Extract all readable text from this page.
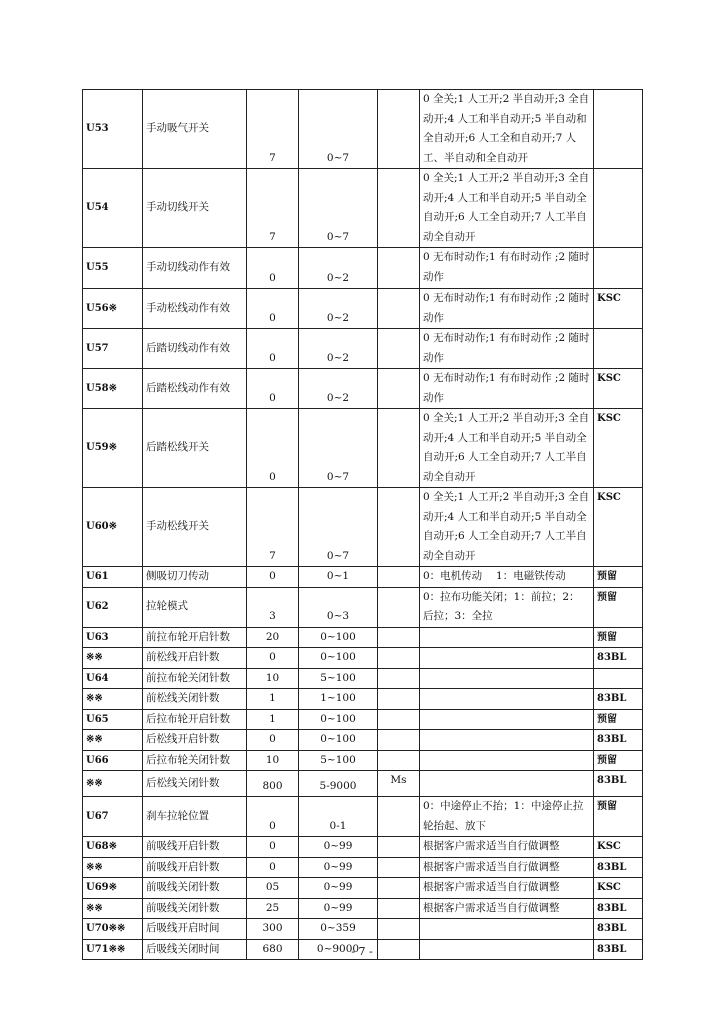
U53	手动吸气开关	7	0~7		0 全关;1 人工开;2 半自动开;3 全自动开;4 人工和半自动开;5 半自动和全自动开;6 人工全和自动开;7 人工、半自动和全自动开	
U54	手动切线开关	7	0~7		0 全关;1 人工开;2 半自动开;3 全自动开;4 人工和半自动开;5 半自动全自动开;6 人工全自动开;7 人工半自动全自动开	
U55	手动切线动作有效	0	0~2		0 无布时动作;1 有布时动作 ;2 随时动作	
U56※	手动松线动作有效	0	0~2		0 无布时动作;1 有布时动作 ;2 随时动作	KSC
U57	后踏切线动作有效	0	0~2		0 无布时动作;1 有布时动作 ;2 随时动作	
U58※	后踏松线动作有效	0	0~2		0 无布时动作;1 有布时动作 ;2 随时动作	KSC
U59※	后踏松线开关	0	0~7		0 全关;1 人工开;2 半自动开;3 全自动开;4 人工和半自动开;5 半自动全自动开;6 人工全自动开;7 人工半自动全自动开	KSC
U60※	手动松线开关	7	0~7		0 全关;1 人工开;2 半自动开;3 全自动开;4 人工和半自动开;5 半自动全自动开;6 人工全自动开;7 人工半自动全自动开	KSC
U61	侧吸切刀传动	0	0~1		0：电机传动　 1：电磁铁传动	预留
U62	拉轮模式	3	0~3		0：拉布功能关闭；1：前拉；2：后拉；3：全拉	预留
U63	前拉布轮开启针数	20	0~100			预留
※※	前松线开启针数	0	0~100			83BL
U64	前拉布轮关闭针数	10	5~100			
※※	前松线关闭针数	1	1~100			83BL
U65	后拉布轮开启针数	1	0~100			预留
※※	后松线开启针数	0	0~100			83BL
U66	后拉布轮关闭针数	10	5~100			预留
※※	后松线关闭针数	800	5-9000	Ms		83BL
U67	刹车拉轮位置	0	0-1		0：中途停止不抬；1：中途停止拉轮抬起、放下	预留
U68※	前吸线开启针数	0	0~99		根据客户需求适当自行做调整	KSC
※※	前吸线开启针数	0	0~99		根据客户需求适当自行做调整	83BL
U69※	前吸线关闭针数	05	0~99		根据客户需求适当自行做调整	KSC
※※	前吸线关闭针数	25	0~99		根据客户需求适当自行做调整	83BL
U70※※	后吸线开启时间	300	0~359			83BL
U71※※	后吸线关闭时间	680	0~9000			83BL
- 7 -
